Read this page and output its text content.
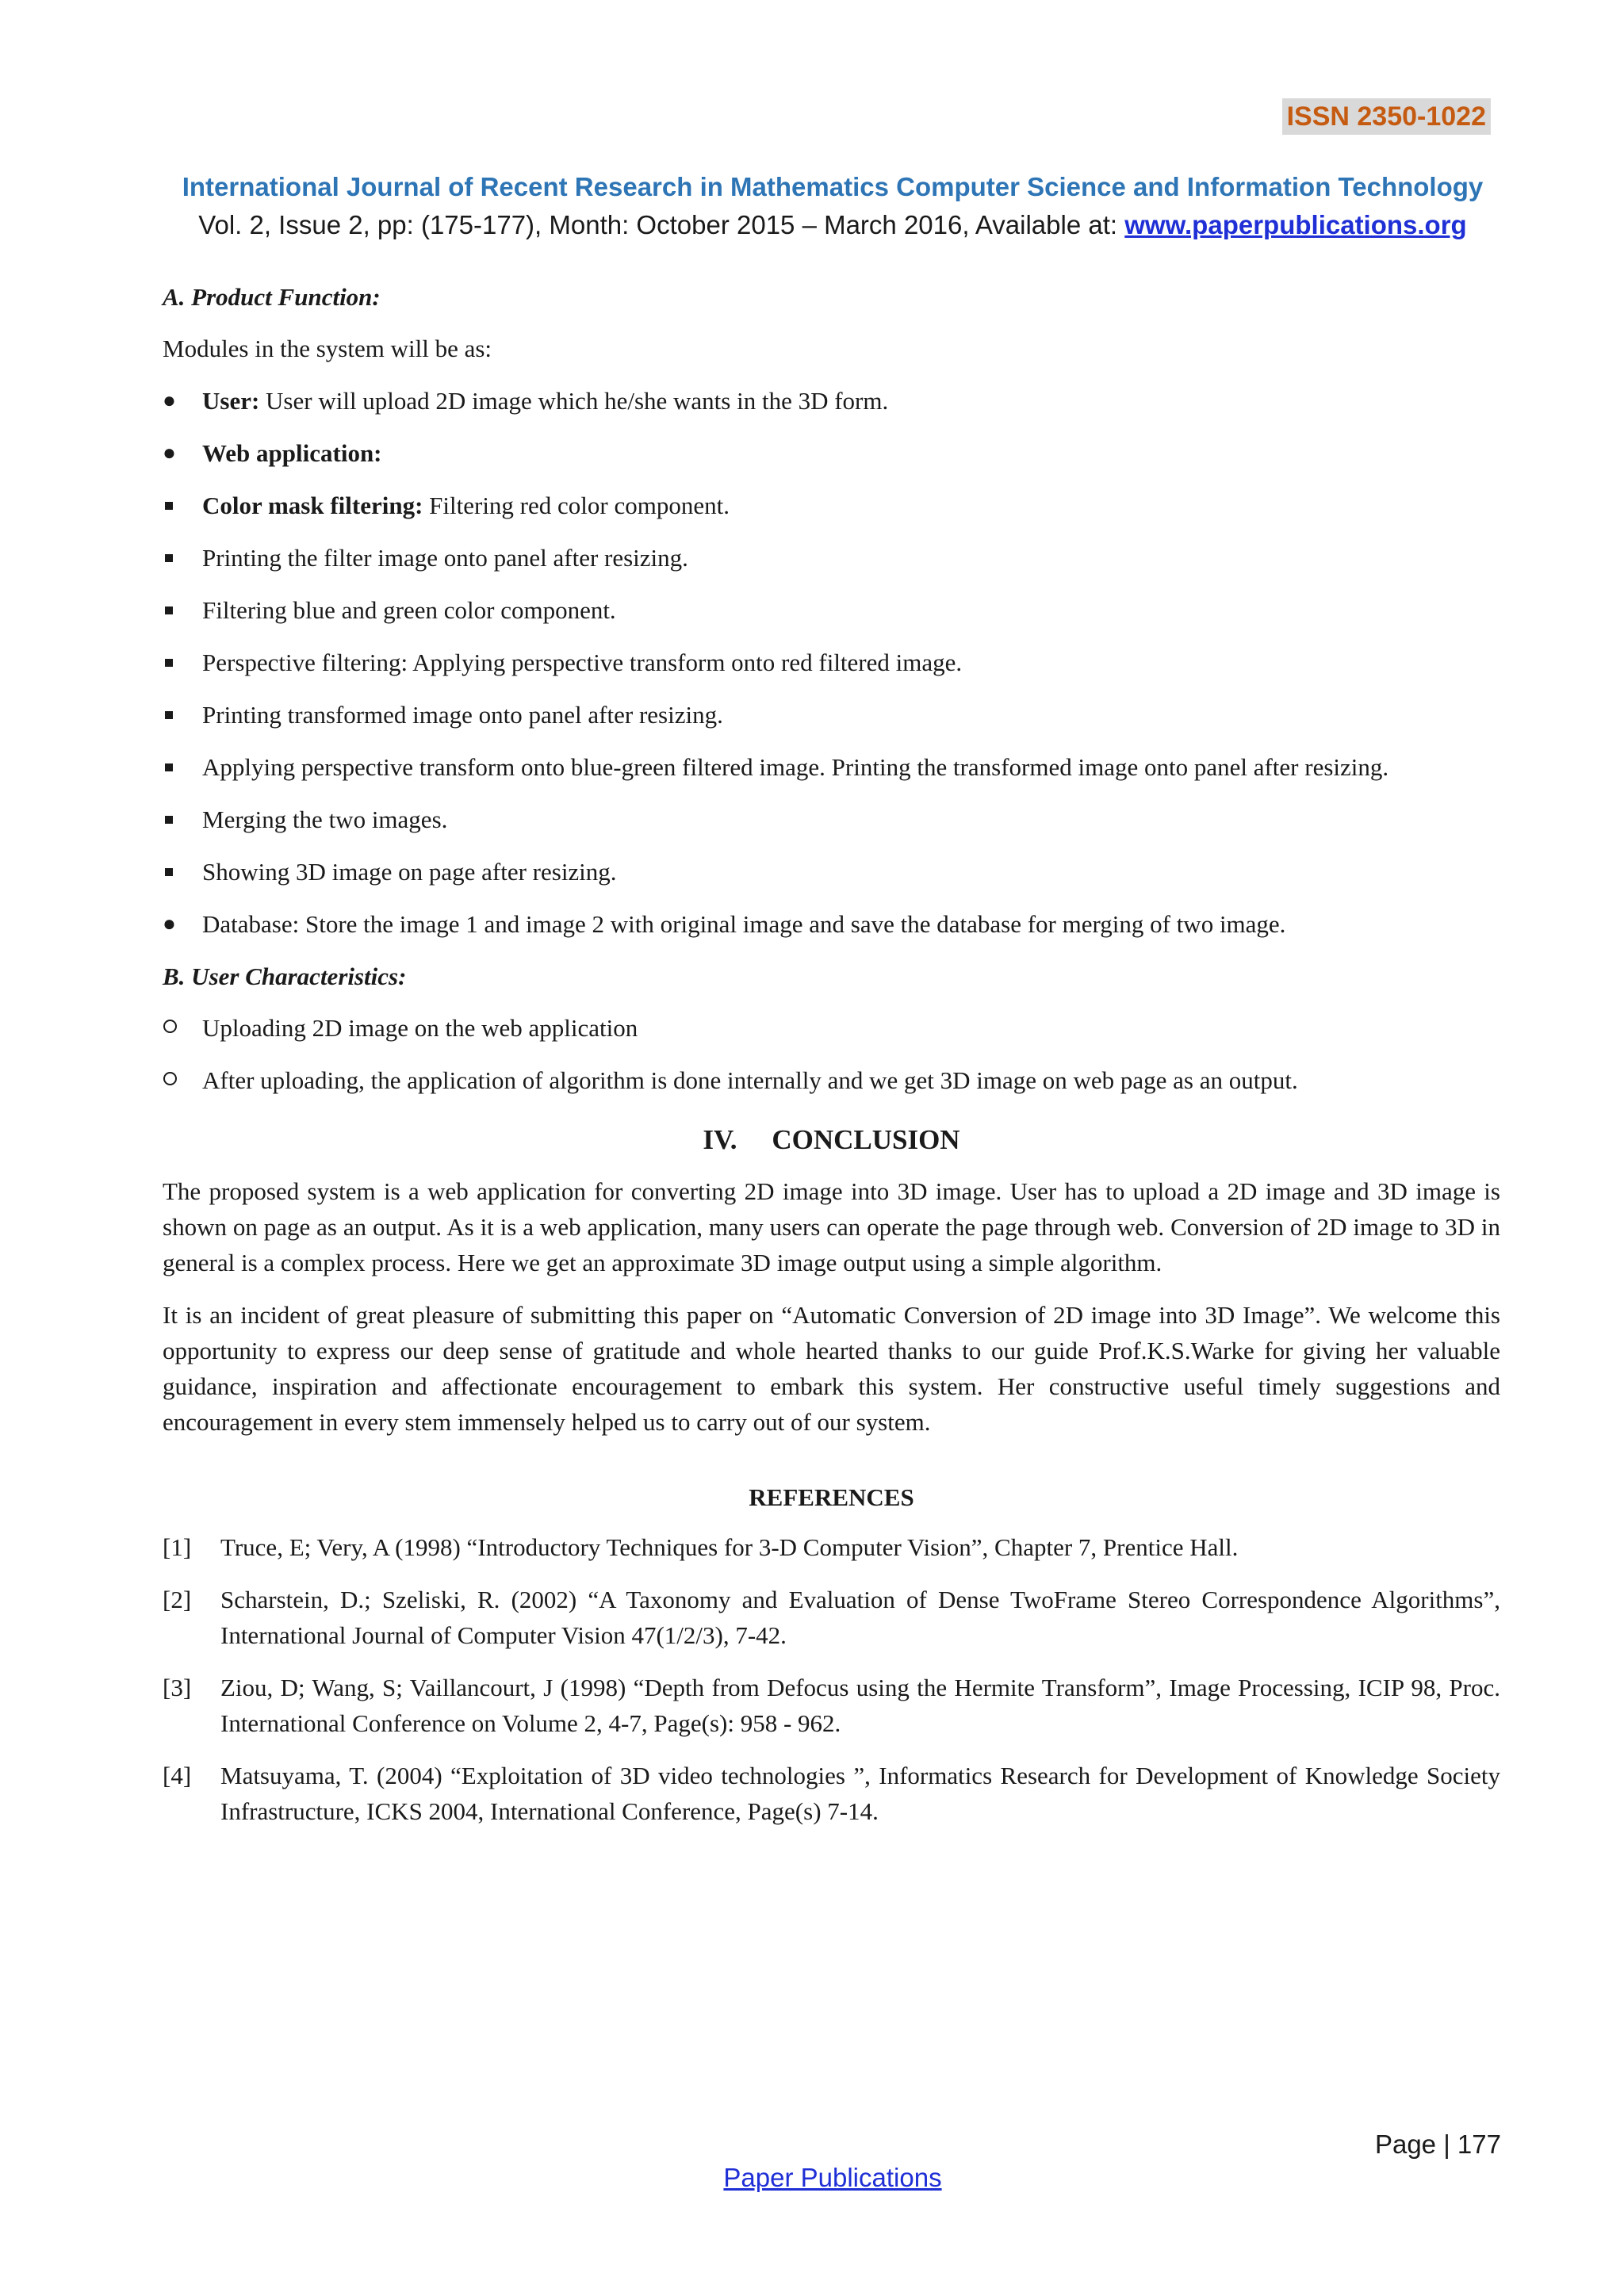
ISSN 2350-1022
International Journal of Recent Research in Mathematics Computer Science and Information Technology
Vol. 2, Issue 2, pp: (175-177), Month: October 2015 – March 2016, Available at: www.paperpublications.org
A. Product Function:
Modules in the system will be as:
●	User: User will upload 2D image which he/she wants in the 3D form.
●	Web application:
Color mask filtering: Filtering red color component.
Printing the filter image onto panel after resizing.
Filtering blue and green color component.
Perspective filtering: Applying perspective transform onto red filtered image.
Printing transformed image onto panel after resizing.
Applying perspective transform onto blue-green filtered image. Printing the transformed image onto panel after resizing.
Merging the two images.
Showing 3D image on page after resizing.
●	Database: Store the image 1 and image 2 with original image and save the database for merging of two image.
B. User Characteristics:
Uploading 2D image on the web application
After uploading, the application of algorithm is done internally and we get 3D image on web page as an output.
IV. CONCLUSION
The proposed system is a web application for converting 2D image into 3D image. User has to upload a 2D image and 3D image is shown on page as an output. As it is a web application, many users can operate the page through web. Conversion of 2D image to 3D in general is a complex process. Here we get an approximate 3D image output using a simple algorithm.
It is an incident of great pleasure of submitting this paper on “Automatic Conversion of 2D image into 3D Image”. We welcome this opportunity to express our deep sense of gratitude and whole hearted thanks to our guide Prof.K.S.Warke for giving her valuable guidance, inspiration and affectionate encouragement to embark this system. Her constructive useful timely suggestions and encouragement in every stem immensely helped us to carry out of our system.
REFERENCES
[1] Truce, E; Very, A (1998) “Introductory Techniques for 3-D Computer Vision”, Chapter 7, Prentice Hall.
[2] Scharstein, D.; Szeliski, R. (2002) “A Taxonomy and Evaluation of Dense TwoFrame Stereo Correspondence Algorithms”, International Journal of Computer Vision 47(1/2/3), 7-42.
[3] Ziou, D; Wang, S; Vaillancourt, J (1998) “Depth from Defocus using the Hermite Transform”, Image Processing, ICIP 98, Proc. International Conference on Volume 2, 4-7, Page(s): 958 - 962.
[4] Matsuyama, T. (2004) “Exploitation of 3D video technologies ”, Informatics Research for Development of Knowledge Society Infrastructure, ICKS 2004, International Conference, Page(s) 7-14.
Page | 177
Paper Publications
